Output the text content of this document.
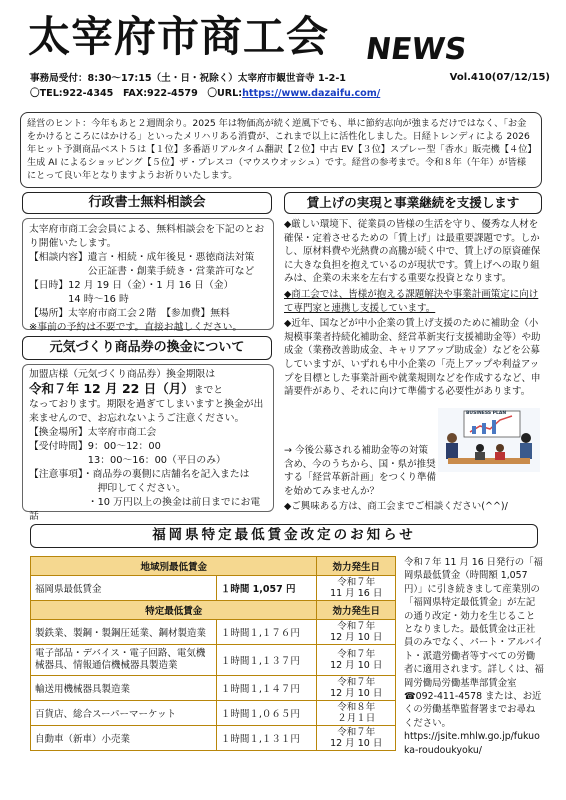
太宰府市商工会 NEWS
事務局受付：8:30～17:15（土・日・祝除く）太宰府市観世音寺 1-2-1	Vol.410(07/12/15)
〇TEL:922-4345　FAX:922-4579　〇URL:https://www.dazaifu.com/
経営のヒント：今年もあと２週間余り。2025 年は物価高が続く逆風下でも、単に節約志向が強まるだけではなく、「お金をかけるところにはかける」といったメリハリある消費が、これまで以上に活性化しました。日経トレンディによる 2026 年ヒット予測商品ベスト５は【１位】多番語リアルタイム翻訳【２位】中古 EV【３位】スプレー型「香水」販売機【４位】生成 AI によるショッピング【５位】ザ・プレスコ（マウスウオッシュ）です。経営の参考まで。令和８年（午年）が皆様にとって良い年となりますようお祈りいたします。
行政書士無料相談会

太宰府市商工会会員による、無料相談会を下記のとお

り開催いたします。

【相談内容】遺言・相続・成年後見・悪徳商法対策

　　　　　　公正証書・創業手続き・営業許可など

【日時】12 月 19 日（金）・1 月 16 日（金）

　　　　14 時～16 時

【場所】太宰府市商工会２階　【参加費】無料

※事前の予約は不要です。直接お越しください。

元気づくり商品券の換金について

加盟店様（元気づくり商品券）換金期限は

令和７年 12 月 22 日（月）までと

なっております。期限を過ぎてしまいますと換金が出

来ませんので、お忘れないようご注意ください。

【換金場所】太宰府市商工会

【受付時間】9：00～12：00

　　　　　　13：00～16：00（平日のみ）

【注意事項】・商品券の裏側に店舗名を記入または

　　　　　　　押印してください。

　　　　　　・10 万円以上の換金は前日までにお電話

賃上げの実現と事業継続を支援します

◆厳しい環境下、従業員の皆様の生活を守り、優秀な人材を確保・定着させるための「賃上げ」は最重要課題です。しかし、原材料費や光熱費の高騰が続く中で、賃上げの原資確保に大きな負担を抱えているのが現状です。賃上げへの取り組みは、企業の未来を左右する重要な投資となります。

◆商工会では、皆様が抱える課題解決や事業計画策定に向けて専門家と連携し支援しています。

◆近年、国などが中小企業の賃上げ支援のために補助金（小規模事業者持続化補助金、経営革新実行支援補助金等）や助成金（業務改善助成金、キャリアアップ助成金）などを公募していますが、いずれも中小企業の「売上アップや利益アップを目標とした事業計画や就業規則などを作成するなど、申請要件があり、それに向けて準備する必要性があります。

BUSINESS PLAN

→ 今後公募される補助金等の対策含め、今のうちから、国・県が推奨する「経営革新計画」をつくり準備を始めてみませんか？

◆ご興味ある方は、商工会までご相談ください(^^)/

福岡県特定最低賃金改定のお知らせ
地域別最低賃金		効力発生日
福岡県最低賃金	１時間 1,057 円	令和７年
11 月 16 日
特定最低賃金		効力発生日
製鉄業、製鋼・製鋼圧延業、鋼材製造業	１時間１,１７６円	令和７年
12 月 10 日
電子部品・デバイス・電子回路、電気機械器具、情報通信機械器具製造業	１時間１,１３７円	令和７年
12 月 10 日
輸送用機械器具製造業	１時間１,１４７円	令和７年
12 月 10 日
百貨店、総合スーパーマーケット	１時間１,０６５円	令和８年
２月１日
自動車（新車）小売業	１時間１,１３１円	令和７年
12 月 10 日
令和７年 11 月 16 日発行の「福岡県最低賃金（時間額 1,057 円）」に引き続きまして産業別の「福岡県特定最低賃金」が左記の通り改定・効力を生じることとなりました。最低賃金は正社員のみでなく、パート・アルバイト・派遣労働者等すべての労働者に適用されます。詳しくは、福岡労働局労働基準部賃金室☎092-411-4578 または、お近くの労働基準監督署までお尋ねください。
https://jsite.mhlw.go.jp/fukuoka-roudoukyoku/
